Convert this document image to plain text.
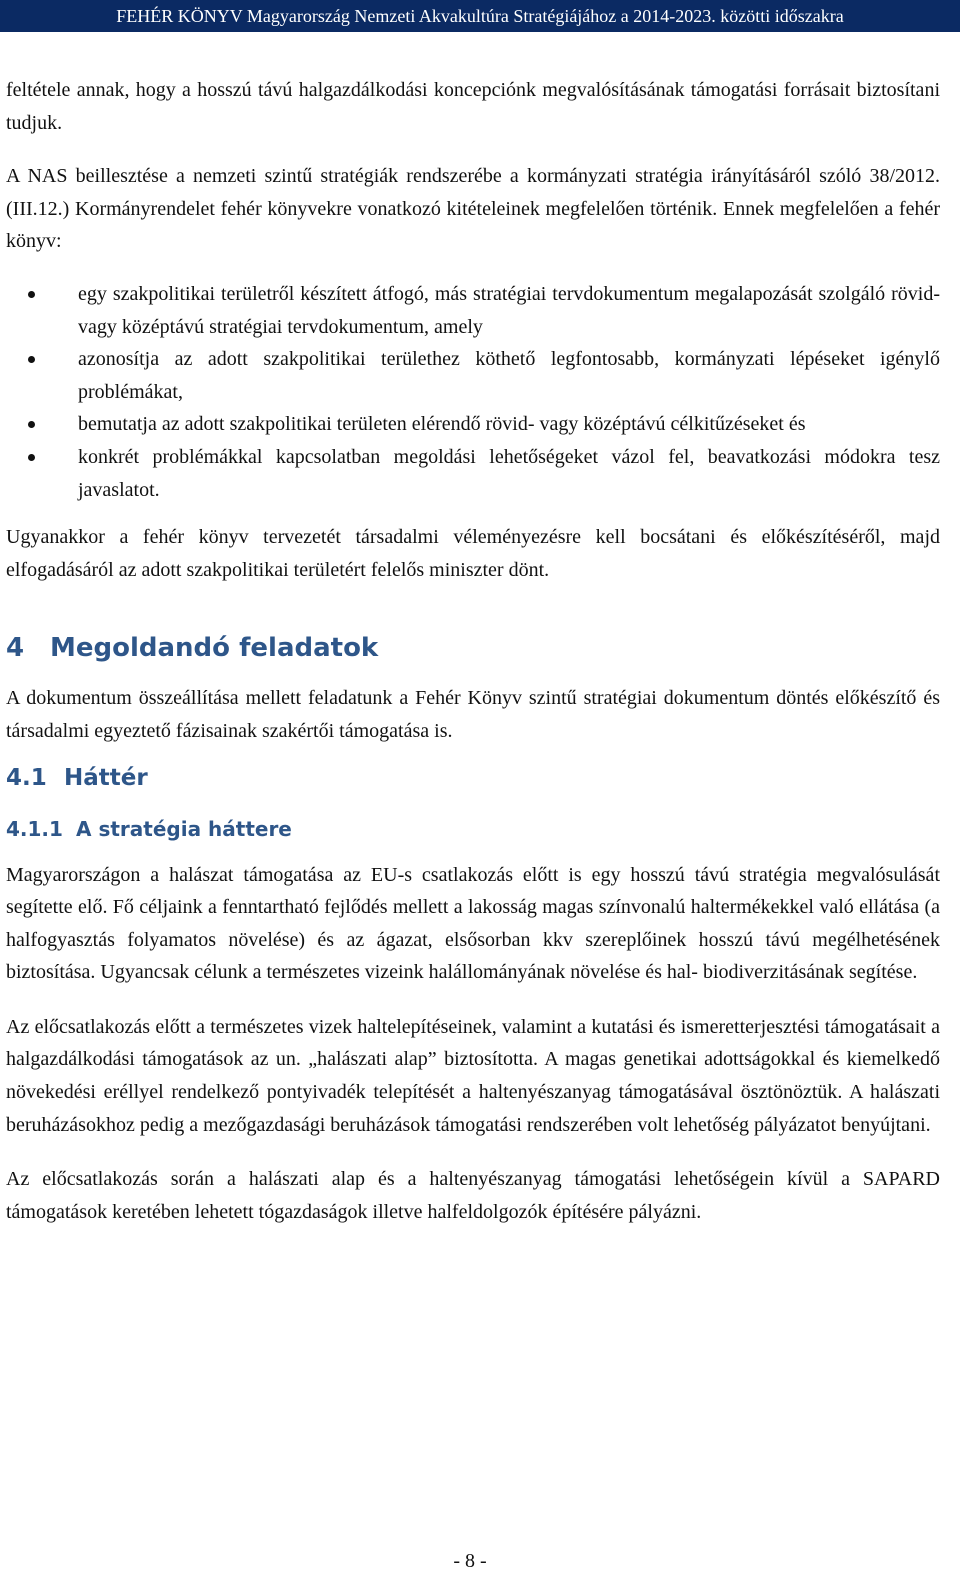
FEHÉR KÖNYV Magyarország Nemzeti Akvakultúra Stratégiájához a 2014-2023. közötti időszakra

feltétele annak, hogy a hosszú távú halgazdálkodási koncepciónk megvalósításának támogatási forrásait biztosítani tudjuk.

A NAS beillesztése a nemzeti szintű stratégiák rendszerébe a kormányzati stratégia irányításáról szóló 38/2012. (III.12.) Kormányrendelet fehér könyvekre vonatkozó kitételeinek megfelelően történik. Ennek megfelelően a fehér könyv:

egy szakpolitikai területről készített átfogó, más stratégiai tervdokumentum megalapozását szolgáló rövid- vagy középtávú stratégiai tervdokumentum, amely
azonosítja az adott szakpolitikai területhez köthető legfontosabb, kormányzati lépéseket igénylő problémákat,
bemutatja az adott szakpolitikai területen elérendő rövid- vagy középtávú célkitűzéseket és
konkrét problémákkal kapcsolatban megoldási lehetőségeket vázol fel, beavatkozási módokra tesz javaslatot.

Ugyanakkor a fehér könyv tervezetét társadalmi véleményezésre kell bocsátani és előkészítéséről, majd elfogadásáról az adott szakpolitikai területért felelős miniszter dönt.

4 Megoldandó feladatok

A dokumentum összeállítása mellett feladatunk a Fehér Könyv szintű stratégiai dokumentum döntés előkészítő és társadalmi egyeztető fázisainak szakértői támogatása is.

4.1 Háttér
4.1.1 A stratégia háttere

Magyarországon a halászat támogatása az EU-s csatlakozás előtt is egy hosszú távú stratégia megvalósulását segítette elő. Fő céljaink a fenntartható fejlődés mellett a lakosság magas színvonalú haltermékekkel való ellátása (a halfogyasztás folyamatos növelése) és az ágazat, elsősorban kkv szereplőinek hosszú távú megélhetésének biztosítása. Ugyancsak célunk a természetes vizeink halállományának növelése és hal- biodiverzitásának segítése.

Az előcsatlakozás előtt a természetes vizek haltelepítéseinek, valamint a kutatási és ismeretterjesztési támogatásait a halgazdálkodási támogatások az un. „halászati alap” biztosította. A magas genetikai adottságokkal és kiemelkedő növekedési eréllyel rendelkező pontyivadék telepítését a haltenyészanyag támogatásával ösztönöztük. A halászati beruházásokhoz pedig a mezőgazdasági beruházások támogatási rendszerében volt lehetőség pályázatot benyújtani.

Az előcsatlakozás során a halászati alap és a haltenyészanyag támogatási lehetőségein kívül a SAPARD támogatások keretében lehetett tógazdaságok illetve halfeldolgozók építésére pályázni.

- 8 -
